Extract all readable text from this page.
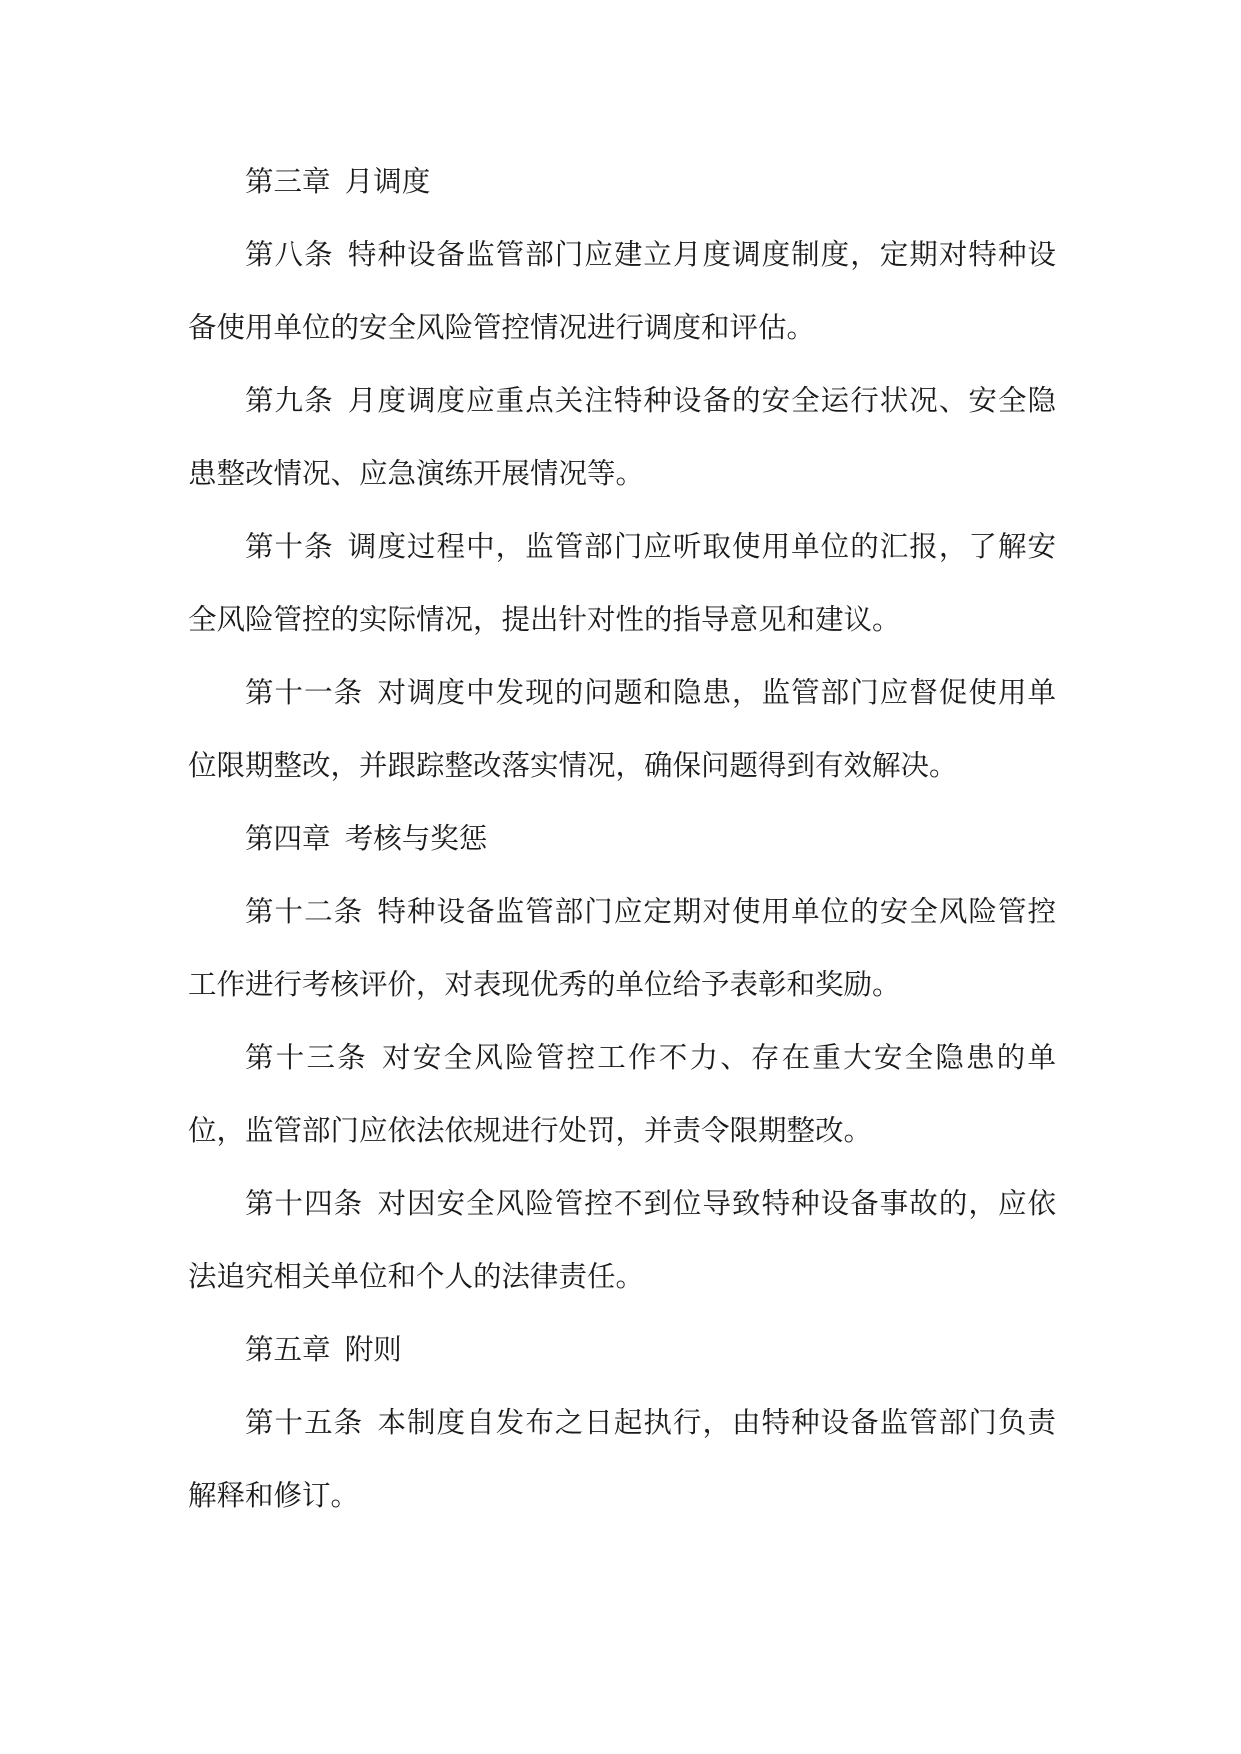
第三章 月调度

第八条 特种设备监管部门应建立月度调度制度，定期对特种设备使用单位的安全风险管控情况进行调度和评估。

第九条 月度调度应重点关注特种设备的安全运行状况、安全隐患整改情况、应急演练开展情况等。

第十条 调度过程中，监管部门应听取使用单位的汇报，了解安全风险管控的实际情况，提出针对性的指导意见和建议。

第十一条 对调度中发现的问题和隐患，监管部门应督促使用单位限期整改，并跟踪整改落实情况，确保问题得到有效解决。

第四章 考核与奖惩

第十二条 特种设备监管部门应定期对使用单位的安全风险管控工作进行考核评价，对表现优秀的单位给予表彰和奖励。

第十三条 对安全风险管控工作不力、存在重大安全隐患的单位，监管部门应依法依规进行处罚，并责令限期整改。

第十四条 对因安全风险管控不到位导致特种设备事故的，应依法追究相关单位和个人的法律责任。

第五章 附则

第十五条 本制度自发布之日起执行，由特种设备监管部门负责解释和修订。
